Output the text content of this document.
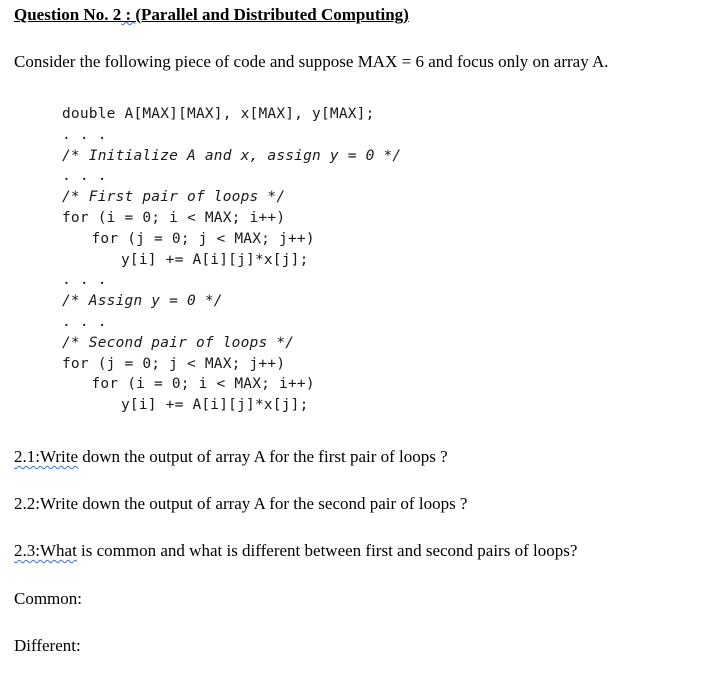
Question No. 2 : (Parallel and Distributed Computing)
Consider the following piece of code and suppose MAX = 6 and focus only on array A.
double A[MAX][MAX], x[MAX], y[MAX];
. . .
/* Initialize A and x, assign y = 0 */
. . .
/* First pair of loops */
for (i = 0; i < MAX; i++)
for (j = 0; j < MAX; j++)
y[i] += A[i][j]*x[j];
. . .
/* Assign y = 0 */
. . .
/* Second pair of loops */
for (j = 0; j < MAX; j++)
for (i = 0; i < MAX; i++)
y[i] += A[i][j]*x[j];
2.1:Write down the output of array A for the first pair of loops ?
2.2:Write down the output of array A for the second pair of loops ?
2.3:What is common and what is different between first and second pairs of loops?
Common:
Different:
